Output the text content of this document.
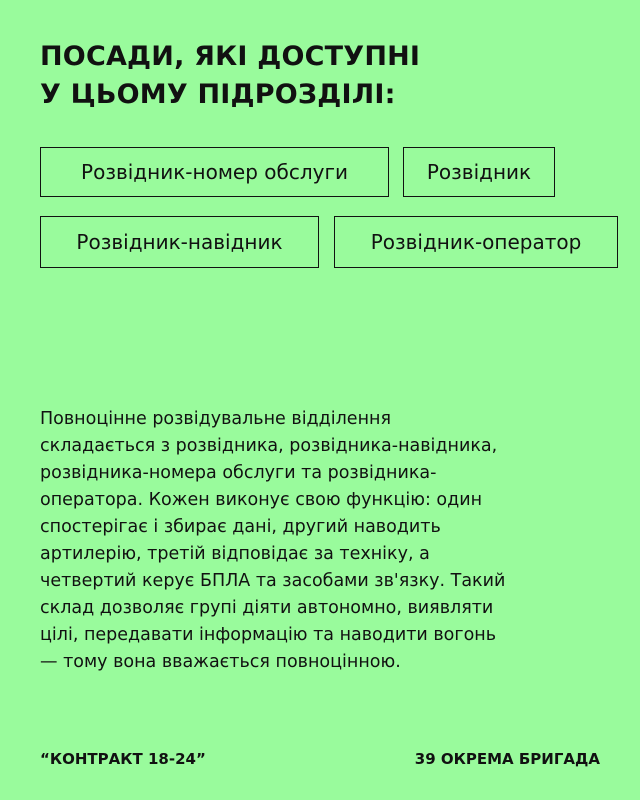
ПОСАДИ, ЯКІ ДОСТУПНІ
У ЦЬОМУ ПІДРОЗДІЛІ:
Розвідник-номер обслуги	Розвідник
Розвідник-навідник	Розвідник-оператор

Повноцінне розвідувальне відділення
складається з розвідника, розвідника-навідника,
розвідника-номера обслуги та розвідника-
оператора. Кожен виконує свою функцію: один
спостерігає і збирає дані, другий наводить
артилерію, третій відповідає за техніку, а
четвертий керує БПЛА та засобами зв'язку. Такий
склад дозволяє групі діяти автономно, виявляти
цілі, передавати інформацію та наводити вогонь
— тому вона вважається повноцінною.

“КОНТРАКТ 18-24”	39 ОКРЕМА БРИГАДА
